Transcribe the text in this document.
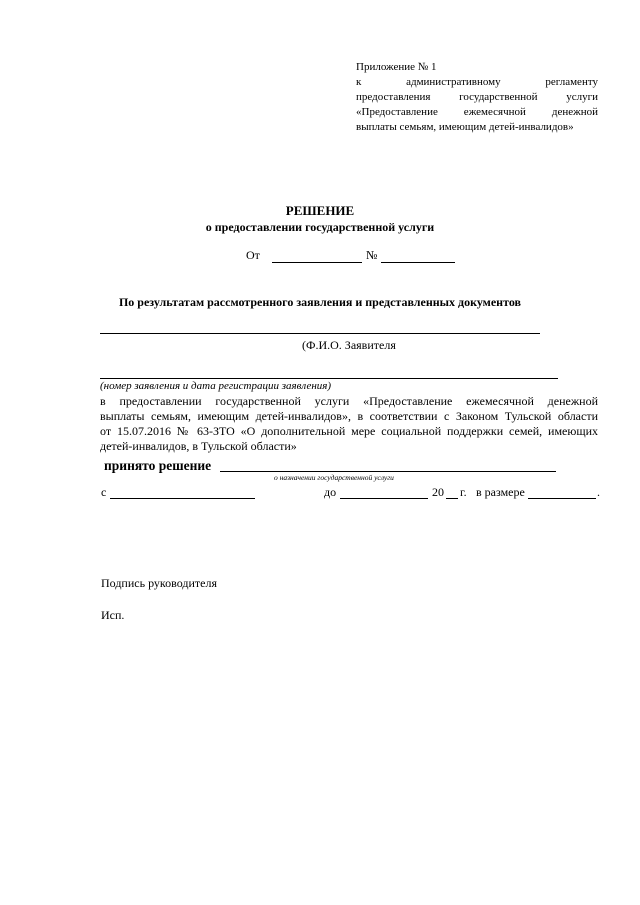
Приложение № 1
к административному регламенту
предоставления государственной услуги
«Предоставление ежемесячной денежной
выплаты семьям, имеющим детей-инвалидов»
РЕШЕНИЕ
о предоставлении государственной услуги
От	№
По результатам рассмотренного заявления и представленных документов
(Ф.И.О. Заявителя
(номер заявления и дата регистрации заявления)
в предоставлении государственной услуги «Предоставление ежемесячной денежной
выплаты семьям, имеющим детей-инвалидов», в соответствии с Законом Тульской области
от 15.07.2016 № 63-ЗТО «О дополнительной мере социальной поддержки семей, имеющих
детей-инвалидов, в Тульской области»
принято решение
о назначении государственной услуги
с	до	20 г. в размере	.
Подпись руководителя
Исп.
